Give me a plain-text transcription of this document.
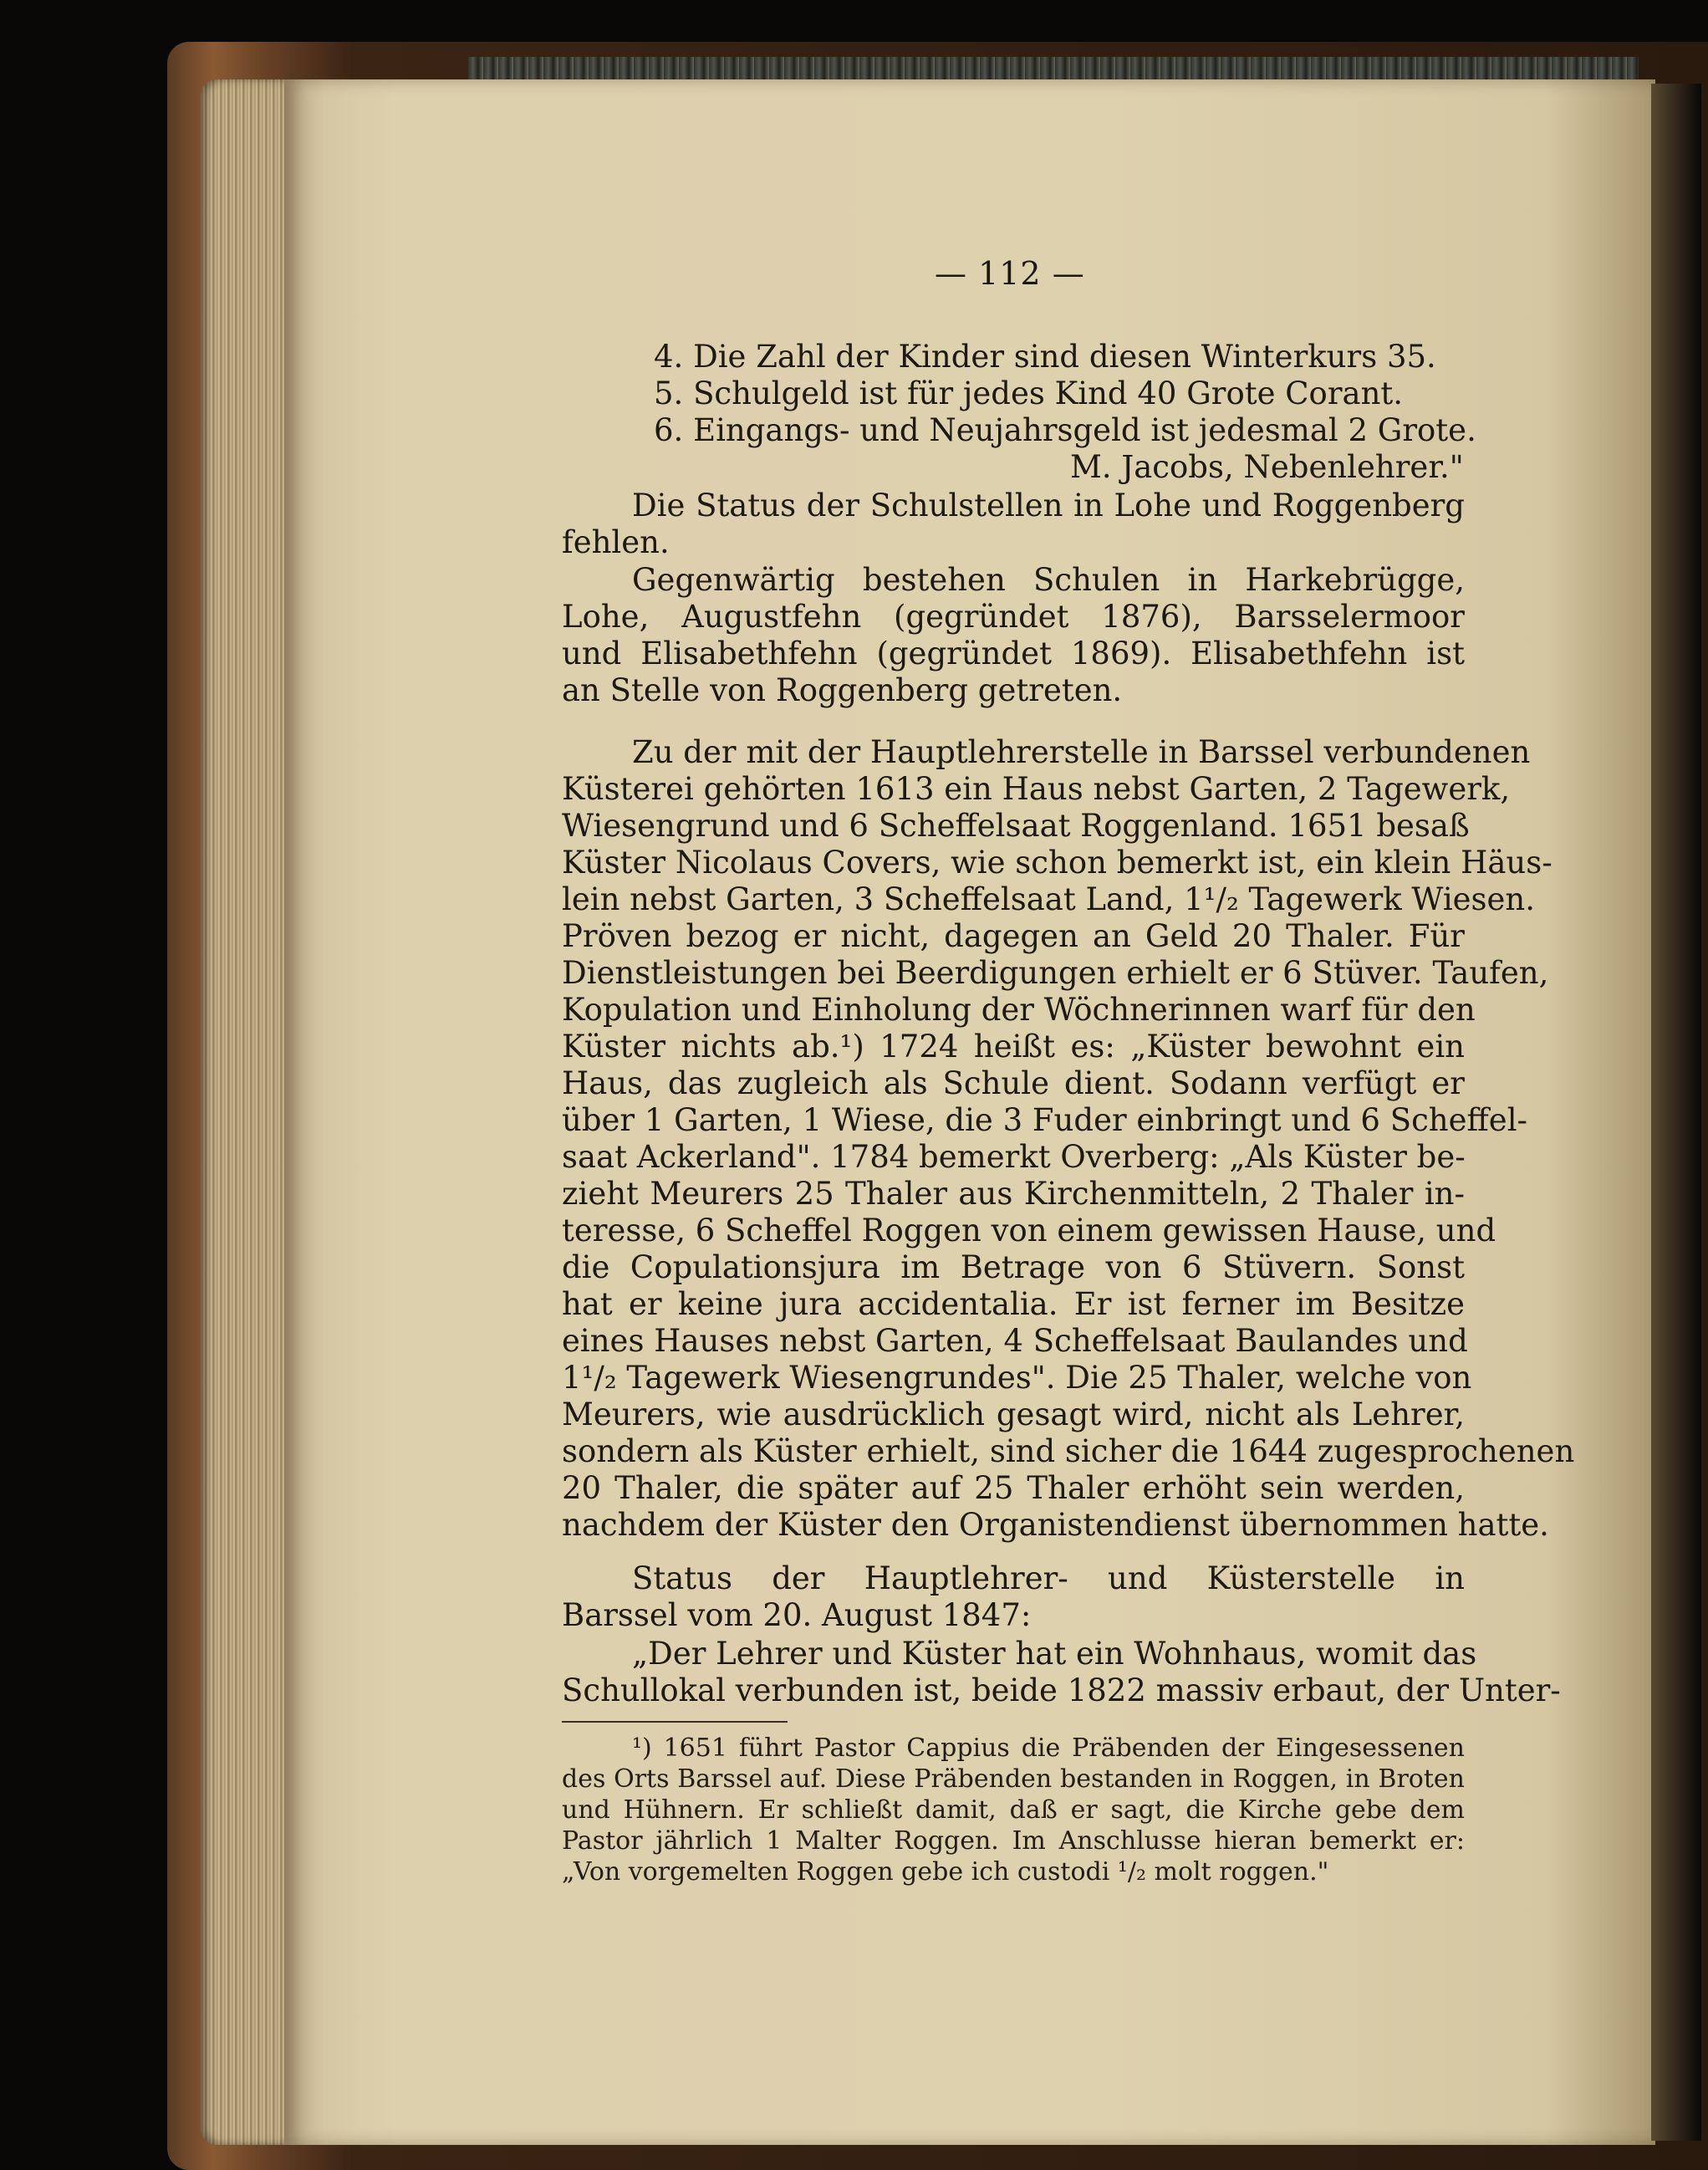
— 112 —
4. Die Zahl der Kinder sind diesen Winterkurs 35.
5. Schulgeld ist für jedes Kind 40 Grote Corant.
6. Eingangs- und Neujahrsgeld ist jedesmal 2 Grote.
M. Jacobs, Nebenlehrer."
Die Status der Schulstellen in Lohe und Roggenberg
fehlen.
Gegenwärtig bestehen Schulen in Harkebrügge,
Lohe, Augustfehn (gegründet 1876), Barsselermoor
und Elisabethfehn (gegründet 1869). Elisabethfehn ist
an Stelle von Roggenberg getreten.
Zu der mit der Hauptlehrerstelle in Barssel verbundenen
Küsterei gehörten 1613 ein Haus nebst Garten, 2 Tagewerk,
Wiesengrund und 6 Scheffelsaat Roggenland. 1651 besaß
Küster Nicolaus Covers, wie schon bemerkt ist, ein klein Häus-
lein nebst Garten, 3 Scheffelsaat Land, 1¹/₂ Tagewerk Wiesen.
Pröven bezog er nicht, dagegen an Geld 20 Thaler. Für
Dienstleistungen bei Beerdigungen erhielt er 6 Stüver. Taufen,
Kopulation und Einholung der Wöchnerinnen warf für den
Küster nichts ab.¹) 1724 heißt es: „Küster bewohnt ein
Haus, das zugleich als Schule dient. Sodann verfügt er
über 1 Garten, 1 Wiese, die 3 Fuder einbringt und 6 Scheffel-
saat Ackerland". 1784 bemerkt Overberg: „Als Küster be-
zieht Meurers 25 Thaler aus Kirchenmitteln, 2 Thaler in-
teresse, 6 Scheffel Roggen von einem gewissen Hause, und
die Copulationsjura im Betrage von 6 Stüvern. Sonst
hat er keine jura accidentalia. Er ist ferner im Besitze
eines Hauses nebst Garten, 4 Scheffelsaat Baulandes und
1¹/₂ Tagewerk Wiesengrundes". Die 25 Thaler, welche von
Meurers, wie ausdrücklich gesagt wird, nicht als Lehrer,
sondern als Küster erhielt, sind sicher die 1644 zugesprochenen
20 Thaler, die später auf 25 Thaler erhöht sein werden,
nachdem der Küster den Organistendienst übernommen hatte.
Status der Hauptlehrer- und Küsterstelle in
Barssel vom 20. August 1847:
„Der Lehrer und Küster hat ein Wohnhaus, womit das
Schullokal verbunden ist, beide 1822 massiv erbaut, der Unter-
¹) 1651 führt Pastor Cappius die Präbenden der Eingesessenen
des Orts Barssel auf. Diese Präbenden bestanden in Roggen, in Broten
und Hühnern. Er schließt damit, daß er sagt, die Kirche gebe dem
Pastor jährlich 1 Malter Roggen. Im Anschlusse hieran bemerkt er:
„Von vorgemelten Roggen gebe ich custodi ¹/₂ molt roggen."
